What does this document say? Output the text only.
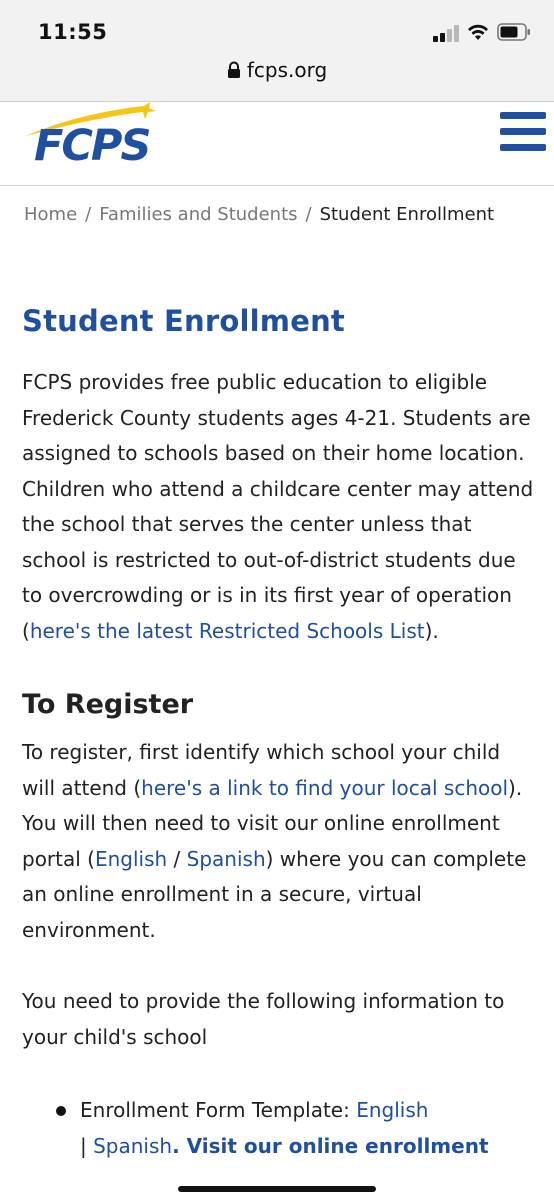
11:55
fcps.org
FCPS
Home / Families and Students / Student Enrollment
Student Enrollment

FCPS provides free public education to eligible Frederick County students ages 4-21. Students are assigned to schools based on their home location. Children who attend a childcare center may attend the school that serves the center unless that school is restricted to out-of-district students due to overcrowding or is in its first year of operation (here's the latest Restricted Schools List).

To Register

To register, first identify which school your child will attend (here's a link to find your local school). You will then need to visit our online enrollment portal (English / Spanish) where you can complete an online enrollment in a secure, virtual environment.

You need to provide the following information to your child's school

Enrollment Form Template: English
| Spanish. Visit our online enrollment
